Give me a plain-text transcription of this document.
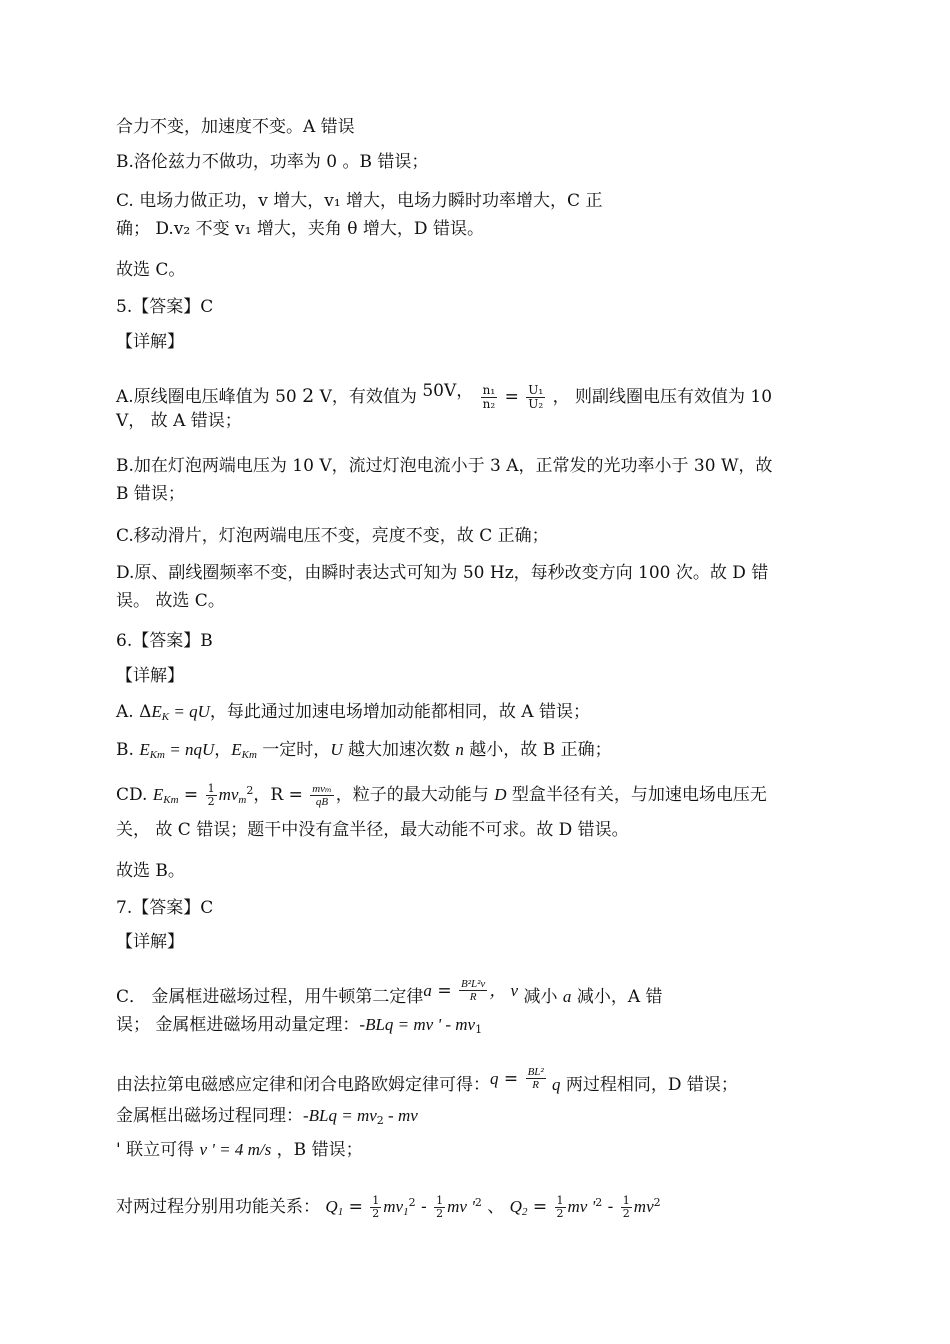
合力不变，加速度不变。A 错误
B.洛伦兹力不做功，功率为 0 。B 错误；
C. 电场力做正功，v 增大，v₁ 增大，电场力瞬时功率增大，C 正
确； D.v₂ 不变 v₁ 增大，夹角 θ 增大，D 错误。
故选 C。
5.【答案】C
【详解】
A.原线圈电压峰值为 50 2 V，有效值为 50V， $\frac{\text{n₁}}{\text{n₂}} = \frac{\text{U₁}}{\text{U₂}}$ ， 则副线圈电压有效值为 10
V， 故 A 错误；
B.加在灯泡两端电压为 10 V，流过灯泡电流小于 3 A，正常发的光功率小于 30 W，故
B 错误；
C.移动滑片，灯泡两端电压不变，亮度不变，故 C 正确；
D.原、副线圈频率不变，由瞬时表达式可知为 50 Hz，每秒改变方向 100 次。故 D 错
误。 故选 C。
6.【答案】B
【详解】
A. $\Delta E_K$ = qU，每此通过加速电场增加动能都相同，故 A 错误；
B. $E_{Km}$ = nqU，$E_{Km}$ 一定时，U 越大加速次数 n 越小，故 B 正确；
CD. $E_{Km} = \frac{1}{2} mv_m^2$，$R = \frac{\text{mvₘ}}{qB}$ ，粒子的最大动能与 D 型盒半径有关，与加速电场电压无
关， 故 C 错误；题干中没有盒半径，最大动能不可求。故 D 错误。
故选 B。
7.【答案】C
【详解】
C． 金属框进磁场过程，用牛顿第二定律$a = \frac{\text{B²L²v}}{R}$ ， v 减小 a 减小，A 错
误； 金属框进磁场用动量定理：-BLq = mv ' - $mv_1$
由法拉第电磁感应定律和闭合电路欧姆定律可得：$q = \frac{\text{BL²}}{R}$ q 两过程相同，D 错误；
金属框出磁场过程同理：$-BLq = mv_2$ - mv
' 联立可得 v ' = 4 m/s ，B 错误；
对两过程分别用功能关系： $Q_1 = \frac{1}{2} mv_1^2 - \frac{1}{2}$ mv '$^2$ 、 $Q_2 = \frac{1}{2}$ mv '$^2 - \frac{1}{2} mv^2$
